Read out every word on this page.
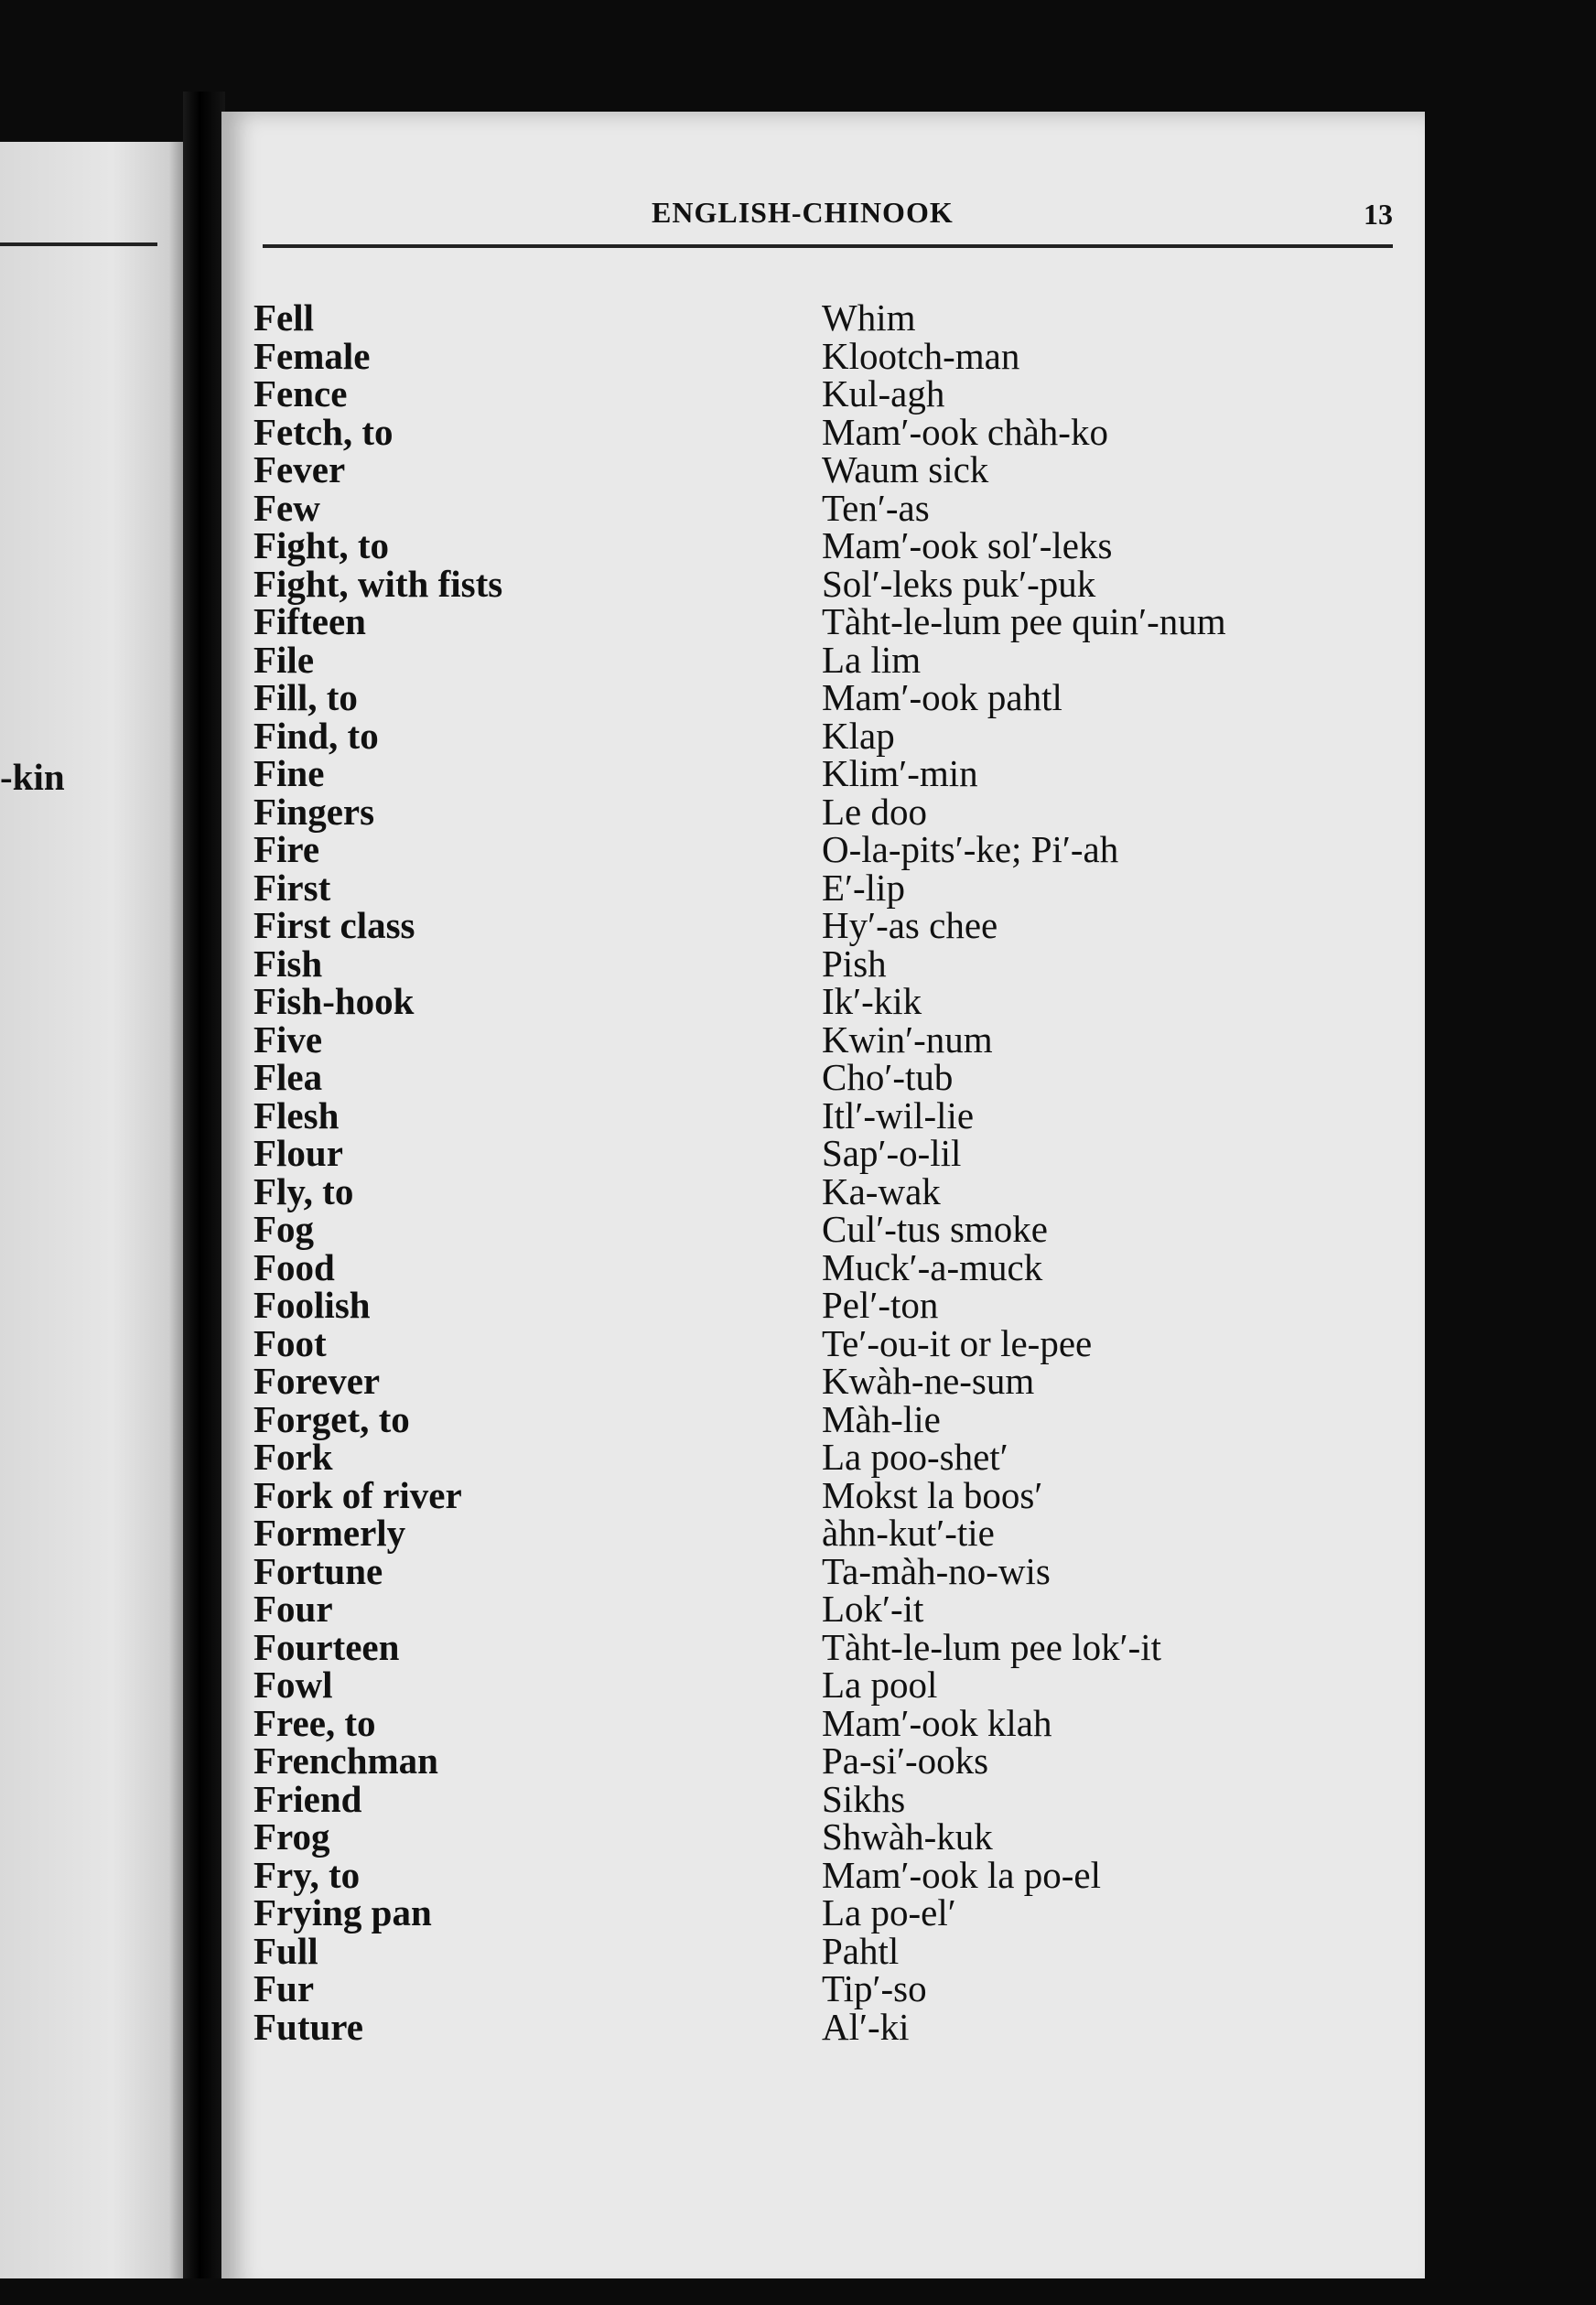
-kin
ENGLISH-CHINOOK	13
Fell	Whim
Female	Klootch-man
Fence	Kul-agh
Fetch, to	Mam′-ook chàh-ko
Fever	Waum sick
Few	Ten′-as
Fight, to	Mam′-ook sol′-leks
Fight, with fists	Sol′-leks puk′-puk
Fifteen	Tàht-le-lum pee quin′-num
File	La lim
Fill, to	Mam′-ook pahtl
Find, to	Klap
Fine	Klim′-min
Fingers	Le doo
Fire	O-la-pits′-ke; Pi′-ah
First	E′-lip
First class	Hy′-as chee
Fish	Pish
Fish-hook	Ik′-kik
Five	Kwin′-num
Flea	Cho′-tub
Flesh	Itl′-wil-lie
Flour	Sap′-o-lil
Fly, to	Ka-wak
Fog	Cul′-tus smoke
Food	Muck′-a-muck
Foolish	Pel′-ton
Foot	Te′-ou-it or le-pee
Forever	Kwàh-ne-sum
Forget, to	Màh-lie
Fork	La poo-shet′
Fork of river	Mokst la boos′
Formerly	àhn-kut′-tie
Fortune	Ta-màh-no-wis
Four	Lok′-it
Fourteen	Tàht-le-lum pee lok′-it
Fowl	La pool
Free, to	Mam′-ook klah
Frenchman	Pa-si′-ooks
Friend	Sikhs
Frog	Shwàh-kuk
Fry, to	Mam′-ook la po-el
Frying pan	La po-el′
Full	Pahtl
Fur	Tip′-so
Future	Al′-ki
